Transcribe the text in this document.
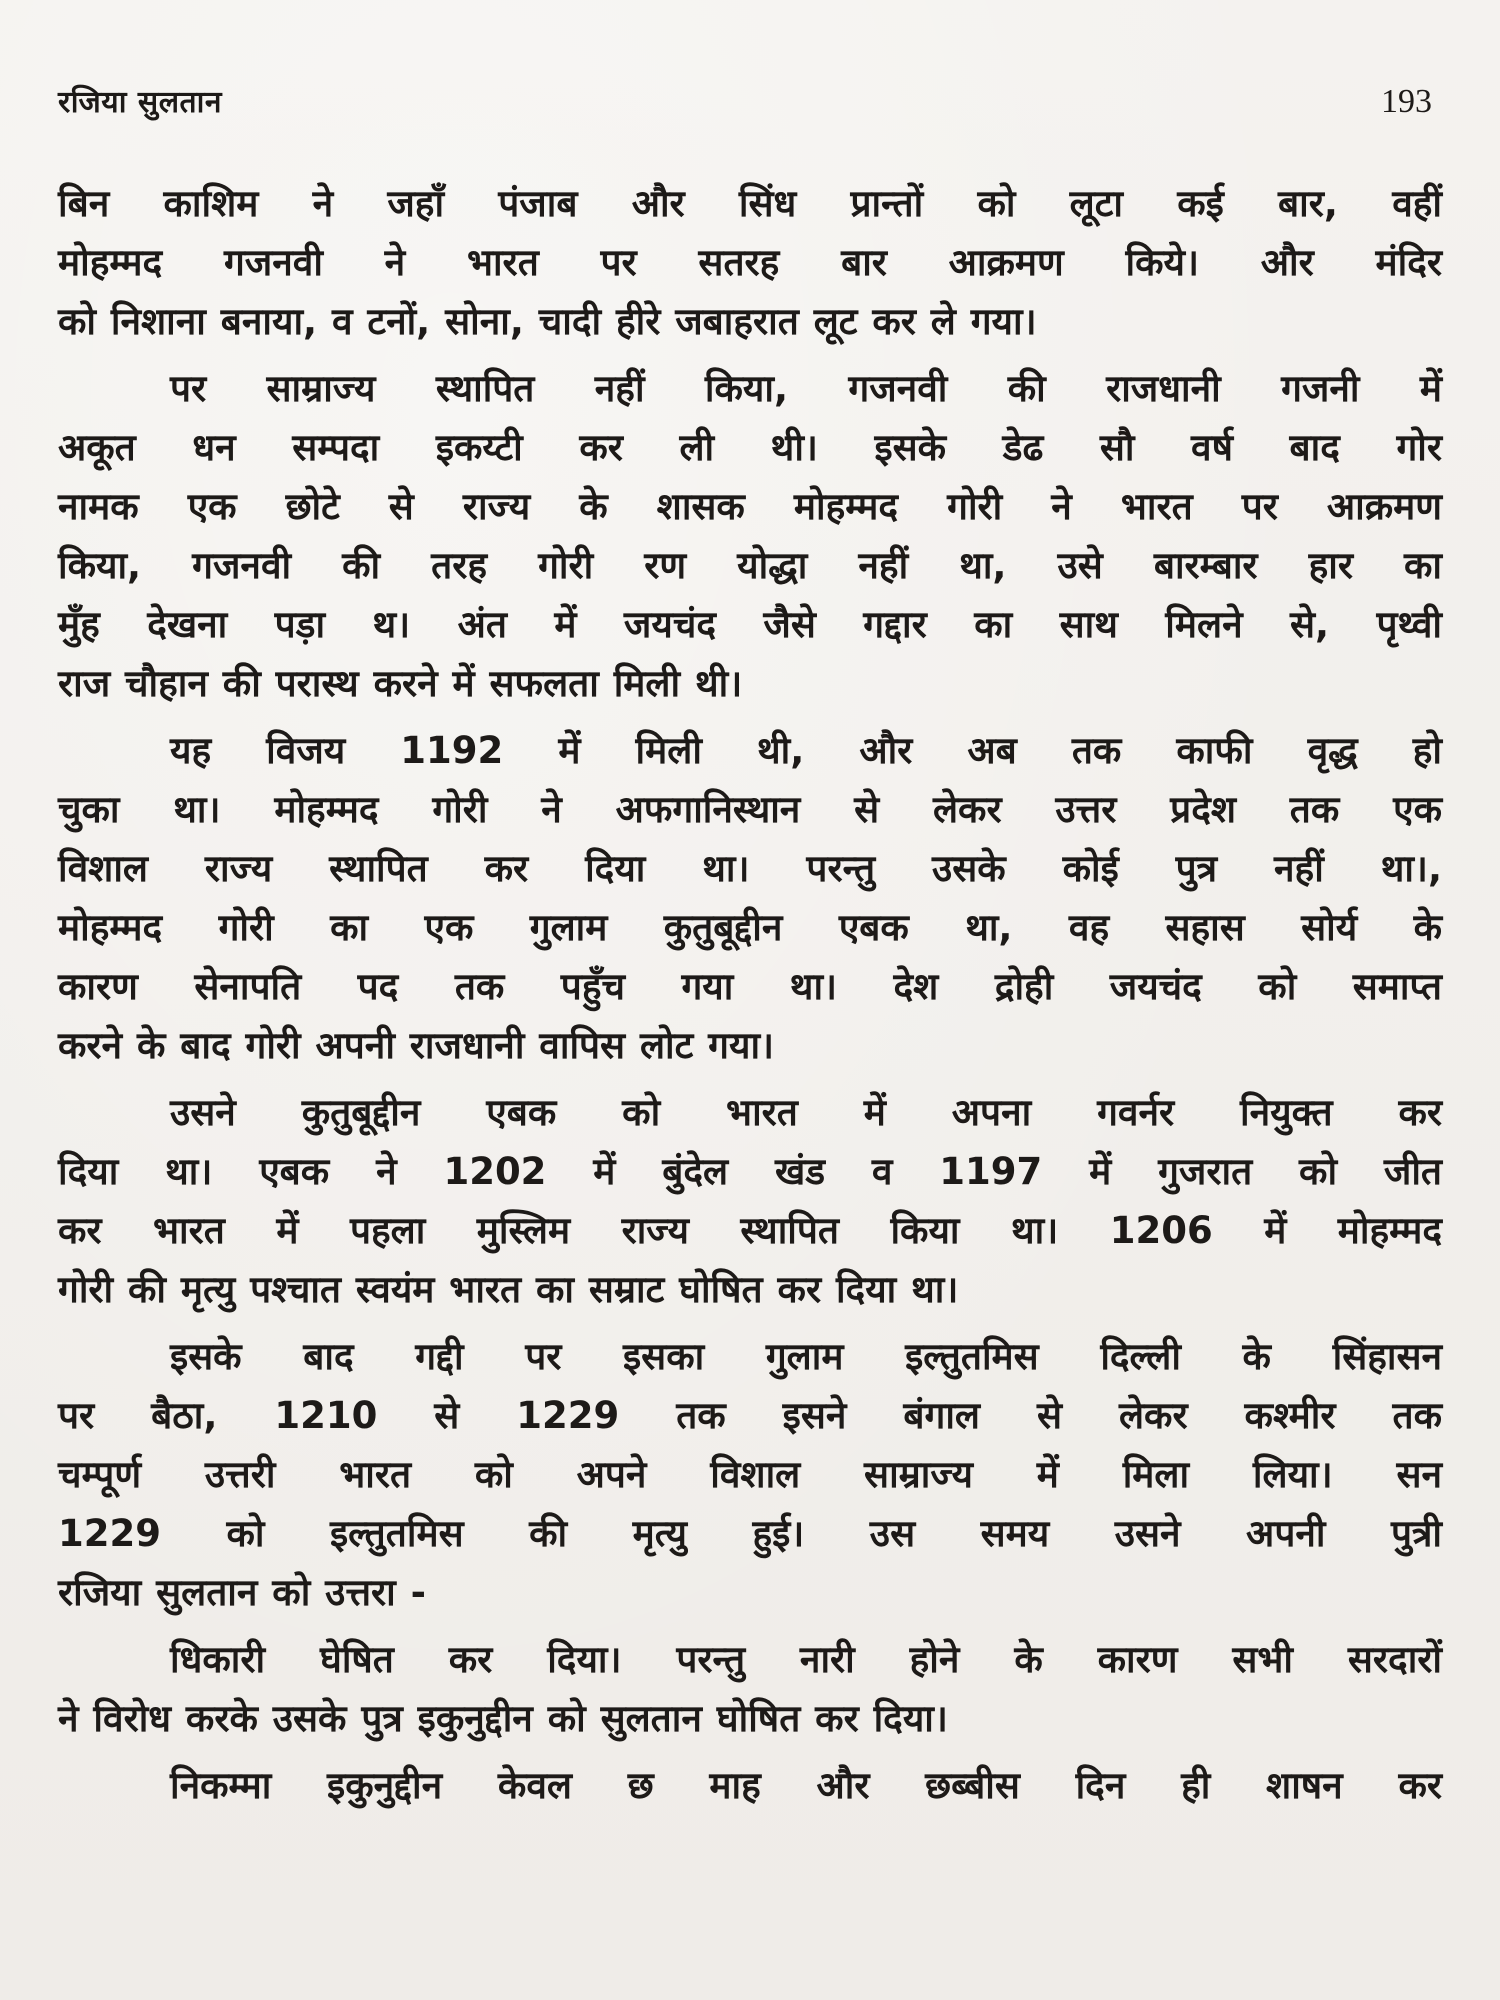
रजिया सुलतान	193

बिन काशिम ने जहाँ पंजाब और सिंध प्रान्तों को लूटा कई बार, वहीं
मोहम्मद गजनवी ने भारत पर सतरह बार आक्रमण किये। और मंदिर
को निशाना बनाया, व टनों, सोना, चादी हीरे जबाहरात लूट कर ले गया।

पर साम्राज्य स्थापित नहीं किया, गजनवी की राजधानी गजनी में
अकूत धन सम्पदा इकय्टी कर ली थी। इसके डेढ सौ वर्ष बाद गोर
नामक एक छोटे से राज्य के शासक मोहम्मद गोरी ने भारत पर आक्रमण
किया, गजनवी की तरह गोरी रण योद्धा नहीं था, उसे बारम्बार हार का
मुँह देखना पड़ा थ। अंत में जयचंद जैसे गद्दार का साथ मिलने से, पृथ्वी
राज चौहान की परास्थ करने में सफलता मिली थी।

यह विजय 1192 में मिली थी, और अब तक काफी वृद्ध हो
चुका था। मोहम्मद गोरी ने अफगानिस्थान से लेकर उत्तर प्रदेश तक एक
विशाल राज्य स्थापित कर दिया था। परन्तु उसके कोई पुत्र नहीं था।,
मोहम्मद गोरी का एक गुलाम कुतुबूद्दीन एबक था, वह सहास सोर्य के
कारण सेनापति पद तक पहुँच गया था। देश द्रोही जयचंद को समाप्त
करने के बाद गोरी अपनी राजधानी वापिस लोट गया।

उसने कुतुबूद्दीन एबक को भारत में अपना गवर्नर नियुक्त कर
दिया था। एबक ने 1202 में बुंदेल खंड व 1197 में गुजरात को जीत
कर भारत में पहला मुस्लिम राज्य स्थापित किया था। 1206 में मोहम्मद
गोरी की मृत्यु पश्चात स्वयंम भारत का सम्राट घोषित कर दिया था।

इसके बाद गद्दी पर इसका गुलाम इल्तुतमिस दिल्ली के सिंहासन
पर बैठा, 1210 से 1229 तक इसने बंगाल से लेकर कश्मीर तक
चम्पूर्ण उत्तरी भारत को अपने विशाल साम्राज्य में मिला लिया। सन
1229 को इल्तुतमिस की मृत्यु हुई। उस समय उसने अपनी पुत्री
रजिया सुलतान को उत्तरा -

धिकारी घेषित कर दिया। परन्तु नारी होने के कारण सभी सरदारों
ने विरोध करके उसके पुत्र इकुनुद्दीन को सुलतान घोषित कर दिया।

निकम्मा इकुनुद्दीन केवल छ माह और छब्बीस दिन ही शाषन कर
